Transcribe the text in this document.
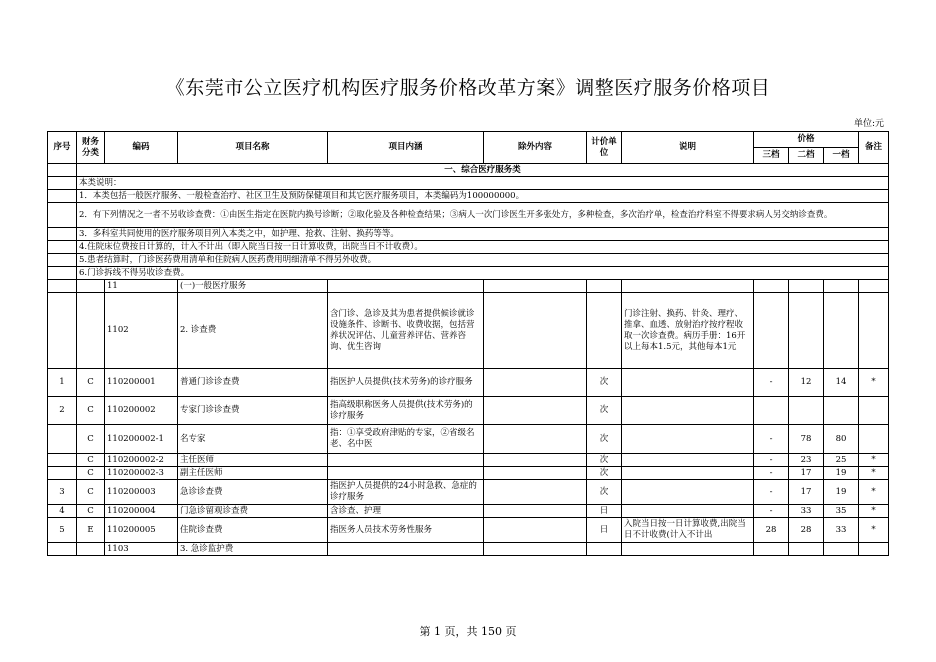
《东莞市公立医疗机构医疗服务价格改革方案》调整医疗服务价格项目
单位:元
序号	财务分类	编码	项目名称	项目内涵	除外内容	计价单位	说明	价格			备注
								三档	二档	一档	
	一、综合医疗服务类										
	本类说明：										
	1．本类包括一般医疗服务、一般检查治疗、社区卫生及预防保健项目和其它医疗服务项目，本类编码为100000000。										
	2．有下列情况之一者不另收诊查费：①由医生指定在医院内换号诊断；②取化验及各种检查结果；③病人一次门诊医生开多张处方，多种检查，多次治疗单，检查治疗科室不得要求病人另交纳诊查费。										
	3．多科室共同使用的医疗服务项目列入本类之中，如护理、抢救、注射、换药等等。										
	4.住院床位费按日计算的，计入不计出（即入院当日按一日计算收费，出院当日不计收费）。										
	5.患者结算时，门诊医药费用清单和住院病人医药费用明细清单不得另外收费。										
	6.门诊拆线不得另收诊查费。										
		11	(一)一般医疗服务								
		1102	2. 诊查费	含门诊、急诊及其为患者提供候诊就诊设施条件、诊断书、收费收据，包括营养状况评估、儿童营养评估、营养咨询、优生咨询			门诊注射、换药、针灸、理疗、推拿、血透、放射治疗按疗程收取一次诊查费。病历手册：16开以上每本1.5元，其他每本1元				
1	C	110200001	普通门诊诊查费	指医护人员提供(技术劳务)的诊疗服务		次		-	12	14	*
2	C	110200002	专家门诊诊查费	指高级职称医务人员提供(技术劳务)的诊疗服务		次					
	C	110200002-1	名专家	指：①享受政府津贴的专家，②省级名老、名中医		次		-	78	80	
	C	110200002-2	主任医师			次		-	23	25	*
	C	110200002-3	副主任医师			次		-	17	19	*
3	C	110200003	急诊诊查费	指医护人员提供的24小时急救、急症的诊疗服务		次		-	17	19	*
4	C	110200004	门急诊留观诊查费	含诊查、护理		日		-	33	35	*
5	E	110200005	住院诊查费	指医务人员技术劳务性服务		日	入院当日按一日计算收费,出院当日不计收费(计入不计出	28	28	33	*
		1103	3. 急诊监护费								
第 1 页，共 150 页
